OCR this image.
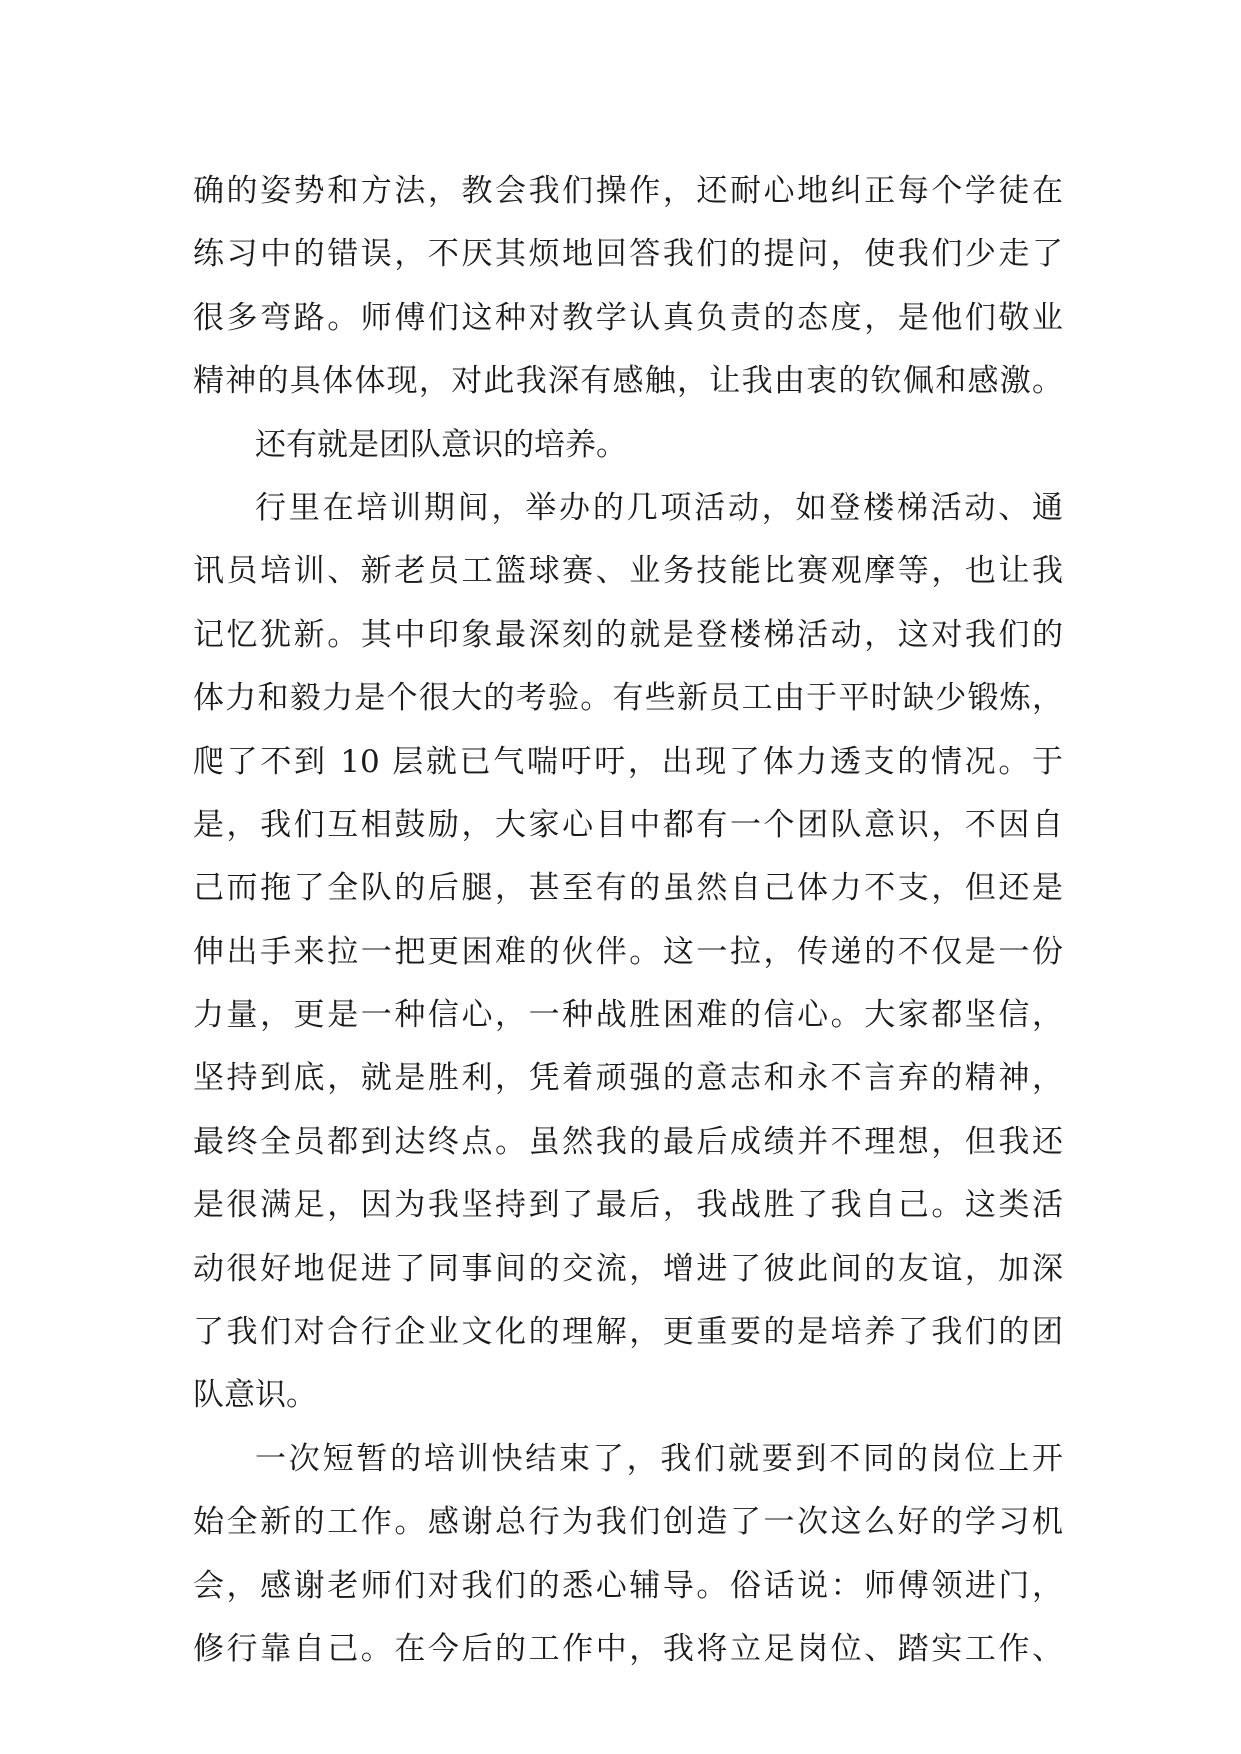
确的姿势和方法，教会我们操作，还耐心地纠正每个学徒在
练习中的错误，不厌其烦地回答我们的提问，使我们少走了
很多弯路。师傅们这种对教学认真负责的态度，是他们敬业
精神的具体体现，对此我深有感触，让我由衷的钦佩和感激。
还有就是团队意识的培养。
行里在培训期间，举办的几项活动，如登楼梯活动、通
讯员培训、新老员工篮球赛、业务技能比赛观摩等，也让我
记忆犹新。其中印象最深刻的就是登楼梯活动，这对我们的
体力和毅力是个很大的考验。有些新员工由于平时缺少锻炼，
爬了不到 10 层就已气喘吁吁，出现了体力透支的情况。于
是，我们互相鼓励，大家心目中都有一个团队意识，不因自
己而拖了全队的后腿，甚至有的虽然自己体力不支，但还是
伸出手来拉一把更困难的伙伴。这一拉，传递的不仅是一份
力量，更是一种信心，一种战胜困难的信心。大家都坚信，
坚持到底，就是胜利，凭着顽强的意志和永不言弃的精神，
最终全员都到达终点。虽然我的最后成绩并不理想，但我还
是很满足，因为我坚持到了最后，我战胜了我自己。这类活
动很好地促进了同事间的交流，增进了彼此间的友谊，加深
了我们对合行企业文化的理解，更重要的是培养了我们的团
队意识。
一次短暂的培训快结束了，我们就要到不同的岗位上开
始全新的工作。感谢总行为我们创造了一次这么好的学习机
会，感谢老师们对我们的悉心辅导。俗话说：师傅领进门，
修行靠自己。在今后的工作中，我将立足岗位、踏实工作、
